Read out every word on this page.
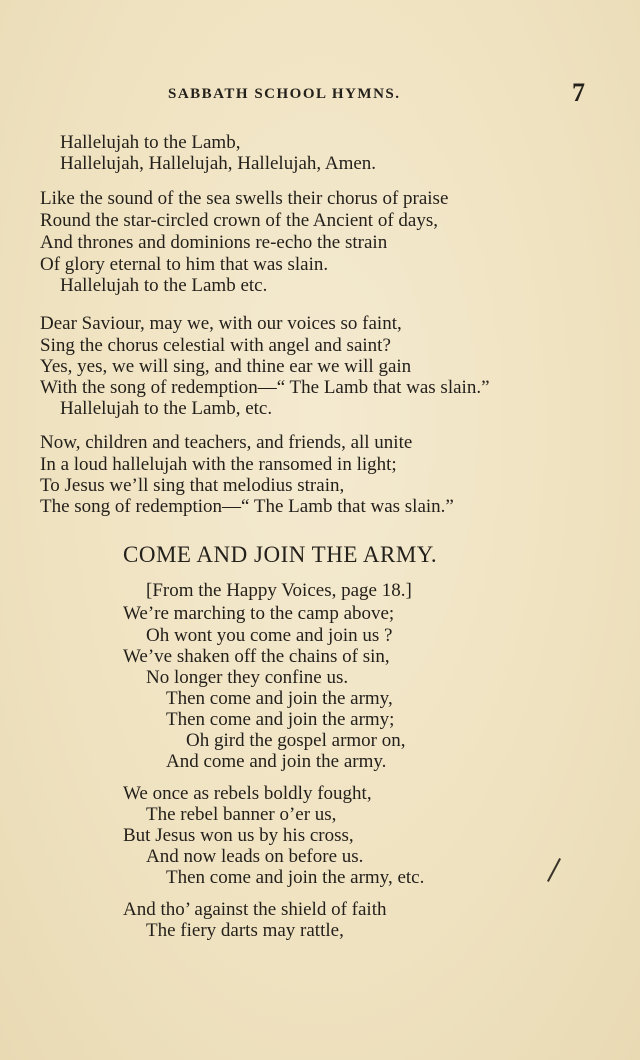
SABBATH SCHOOL HYMNS.	7
Hallelujah to the Lamb,
Hallelujah, Hallelujah, Hallelujah, Amen.
Like the sound of the sea swells their chorus of praise
Round the star-circled crown of the Ancient of days,
And thrones and dominions re-echo the strain
Of glory eternal to him that was slain.
Hallelujah to the Lamb etc.
Dear Saviour, may we, with our voices so faint,
Sing the chorus celestial with angel and saint?
Yes, yes, we will sing, and thine ear we will gain
With the song of redemption—“ The Lamb that was slain.”
Hallelujah to the Lamb, etc.
Now, children and teachers, and friends, all unite
In a loud hallelujah with the ransomed in light;
To Jesus we’ll sing that melodius strain,
The song of redemption—“ The Lamb that was slain.”
COME AND JOIN THE ARMY.
[From the Happy Voices, page 18.]
We’re marching to the camp above;
Oh wont you come and join us ?
We’ve shaken off the chains of sin,
No longer they confine us.
Then come and join the army,
Then come and join the army;
Oh gird the gospel armor on,
And come and join the army.
We once as rebels boldly fought,
The rebel banner o’er us,
But Jesus won us by his cross,
And now leads on before us.
Then come and join the army, etc.
And tho’ against the shield of faith
The fiery darts may rattle,
